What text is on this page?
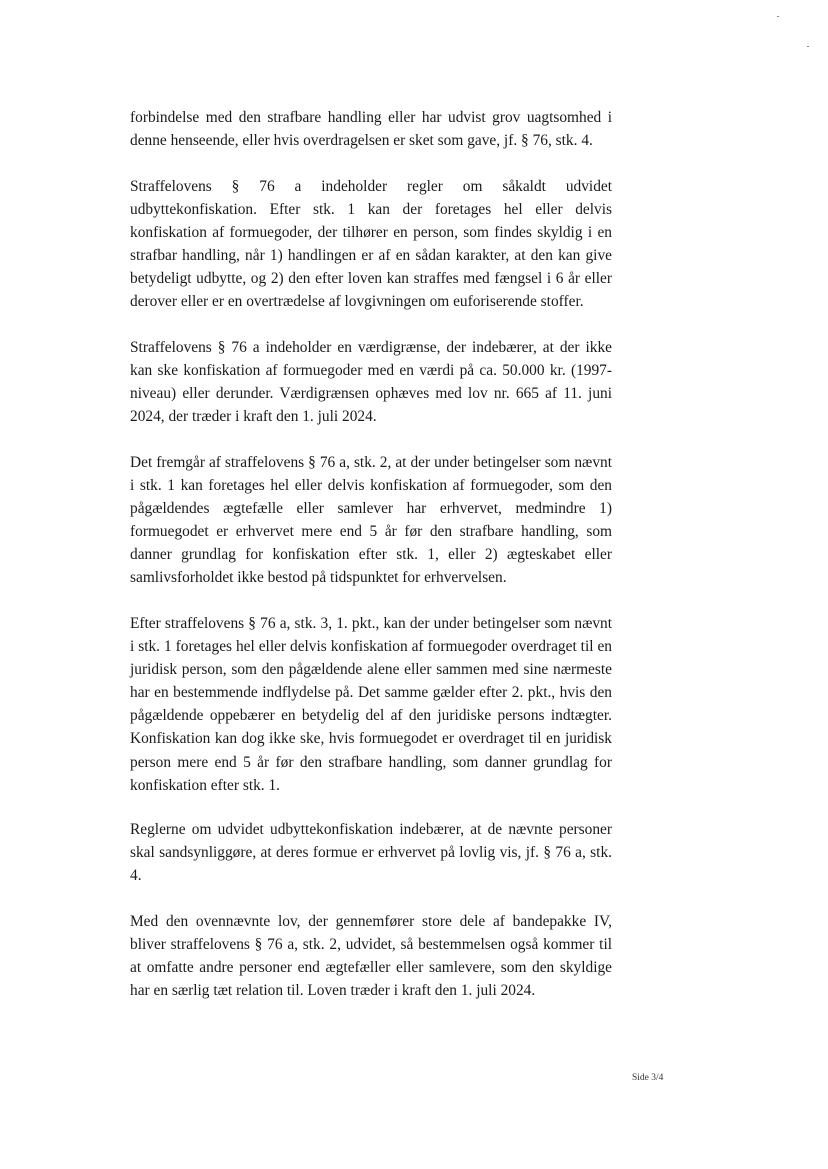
forbindelse med den strafbare handling eller har udvist grov uagtsomhed i denne henseende, eller hvis overdragelsen er sket som gave, jf. § 76, stk. 4.

Straffelovens § 76 a indeholder regler om såkaldt udvidet udbyttekonfiskation. Efter stk. 1 kan der foretages hel eller delvis konfiskation af formuegoder, der tilhører en person, som findes skyldig i en strafbar handling, når 1) handlingen er af en sådan karakter, at den kan give betydeligt udbytte, og 2) den efter loven kan straffes med fængsel i 6 år eller derover eller er en overtrædelse af lovgivningen om euforiserende stoffer.

Straffelovens § 76 a indeholder en værdigrænse, der indebærer, at der ikke kan ske konfiskation af formuegoder med en værdi på ca. 50.000 kr. (1997-niveau) eller derunder. Værdigrænsen ophæves med lov nr. 665 af 11. juni 2024, der træder i kraft den 1. juli 2024.

Det fremgår af straffelovens § 76 a, stk. 2, at der under betingelser som nævnt i stk. 1 kan foretages hel eller delvis konfiskation af formuegoder, som den pågældendes ægtefælle eller samlever har erhvervet, medmindre 1) formuegodet er erhvervet mere end 5 år før den strafbare handling, som danner grundlag for konfiskation efter stk. 1, eller 2) ægteskabet eller samlivsforholdet ikke bestod på tidspunktet for erhvervelsen.

Efter straffelovens § 76 a, stk. 3, 1. pkt., kan der under betingelser som nævnt i stk. 1 foretages hel eller delvis konfiskation af formuegoder overdraget til en juridisk person, som den pågældende alene eller sammen med sine nærmeste har en bestemmende indflydelse på. Det samme gælder efter 2. pkt., hvis den pågældende oppebærer en betydelig del af den juridiske persons indtægter. Konfiskation kan dog ikke ske, hvis formuegodet er overdraget til en juridisk person mere end 5 år før den strafbare handling, som danner grundlag for konfiskation efter stk. 1.

Reglerne om udvidet udbyttekonfiskation indebærer, at de nævnte personer skal sandsynliggøre, at deres formue er erhvervet på lovlig vis, jf. § 76 a, stk. 4.

Med den ovennævnte lov, der gennemfører store dele af bandepakke IV, bliver straffelovens § 76 a, stk. 2, udvidet, så bestemmelsen også kommer til at omfatte andre personer end ægtefæller eller samlevere, som den skyldige har en særlig tæt relation til. Loven træder i kraft den 1. juli 2024.

Side 3/4
